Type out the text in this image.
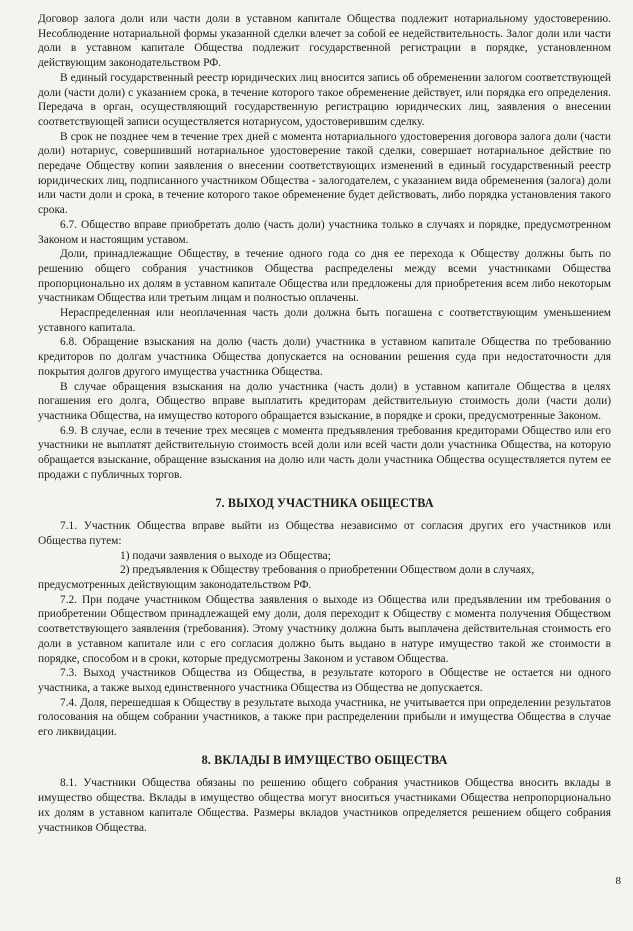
Договор залога доли или части доли в уставном капитале Общества подлежит нотариальному удостоверению. Несоблюдение нотариальной формы указанной сделки влечет за собой ее недействительность. Залог доли или части доли в уставном капитале Общества подлежит государственной регистрации в порядке, установленном действующим законодательством РФ.

В единый государственный реестр юридических лиц вносится запись об обременении залогом соответствующей доли (части доли) с указанием срока, в течение которого такое обременение действует, или порядка его определения. Передача в орган, осуществляющий государственную регистрацию юридических лиц, заявления о внесении соответствующей записи осуществляется нотариусом, удостоверившим сделку.

В срок не позднее чем в течение трех дней с момента нотариального удостоверения договора залога доли (части доли) нотариус, совершивший нотариальное удостоверение такой сделки, совершает нотариальное действие по передаче Обществу копии заявления о внесении соответствующих изменений в единый государственный реестр юридических лиц, подписанного участником Общества - залогодателем, с указанием вида обременения (залога) доли или части доли и срока, в течение которого такое обременение будет действовать, либо порядка установления такого срока.

6.7. Общество вправе приобретать долю (часть доли) участника только в случаях и порядке, предусмотренном Законом и настоящим уставом.

Доли, принадлежащие Обществу, в течение одного года со дня ее перехода к Обществу должны быть по решению общего собрания участников Общества распределены между всеми участниками Общества пропорционально их долям в уставном капитале Общества или предложены для приобретения всем либо некоторым участникам Общества или третьим лицам и полностью оплачены.

Нераспределенная или неоплаченная часть доли должна быть погашена с соответствующим уменьшением уставного капитала.

6.8. Обращение взыскания на долю (часть доли) участника в уставном капитале Общества по требованию кредиторов по долгам участника Общества допускается на основании решения суда при недостаточности для покрытия долгов другого имущества участника Общества.

В случае обращения взыскания на долю участника (часть доли) в уставном капитале Общества в целях погашения его долга, Общество вправе выплатить кредиторам действительную стоимость доли (части доли) участника Общества, на имущество которого обращается взыскание, в порядке и сроки, предусмотренные Законом.

6.9. В случае, если в течение трех месяцев с момента предъявления требования кредиторами Общество или его участники не выплатят действительную стоимость всей доли или всей части доли участника Общества, на которую обращается взыскание, обращение взыскания на долю или часть доли участника Общества осуществляется путем ее продажи с публичных торгов.

7. ВЫХОД УЧАСТНИКА ОБЩЕСТВА

7.1. Участник Общества вправе выйти из Общества независимо от согласия других его участников или Общества путем:

1) подачи заявления о выходе из Общества;

2) предъявления к Обществу требования о приобретении Обществом доли в случаях,

предусмотренных действующим законодательством РФ.

7.2. При подаче участником Общества заявления о выходе из Общества или предъявлении им требования о приобретении Обществом принадлежащей ему доли, доля переходит к Обществу с момента получения Обществом соответствующего заявления (требования). Этому участнику должна быть выплачена действительная стоимость его доли в уставном капитале или с его согласия должно быть выдано в натуре имущество такой же стоимости в порядке, способом и в сроки, которые предусмотрены Законом и уставом Общества.

7.3. Выход участников Общества из Общества, в результате которого в Обществе не остается ни одного участника, а также выход единственного участника Общества из Общества не допускается.

7.4. Доля, перешедшая к Обществу в результате выхода участника, не учитывается при определении результатов голосования на общем собрании участников, а также при распределении прибыли и имущества Общества в случае его ликвидации.

8. ВКЛАДЫ В ИМУЩЕСТВО ОБЩЕСТВА

8.1. Участники Общества обязаны по решению общего собрания участников Общества вносить вклады в имущество общества. Вклады в имущество общества могут вноситься участниками Общества непропорционально их долям в уставном капитале Общества. Размеры вкладов участников определяется решением общего собрания участников Общества.

8
